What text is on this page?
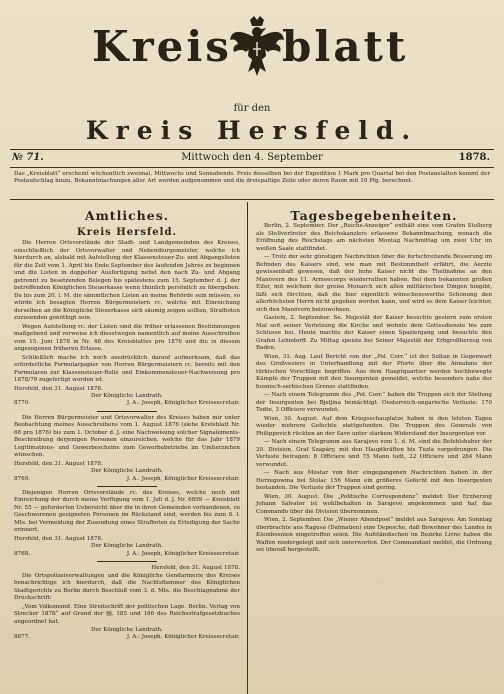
Kreis blatt
für den
Kreis Hersfeld.
№ 71.	Mittwoch den 4. September	1878.
Das „Kreisblatt“ erscheint wöchentlich zweimal, Mittwochs und Sonnabends. Preis desselben bei der Expedition 1 Mark pro Quartal bei den Postanstalten kommt der Postaufschlag hinzu. Bekanntmachungen aller Art werden aufgenommen und die dreispaltige Zeile oder deren Raum mit 10 Pfg. berechnet.
Amtliches.
Kreis Hersfeld.

Die Herren Ortsvorstände der Stadt- und Landgemeinden des Kreises, einschließlich der Ortsvorwalter und Nebendiurgemeister, welche ich hierdurch an, alsbald mit Aufstellung der Klassensteuer-Zu- und Abgangslisten für die Zeit vom 1. April bis Ende September des laufenden Jahres zu beginnen und die Listen in doppelter Ausfertigung nebst den nach Zu- und Abgang getrennt zu besetzenden Belegen bis spätestens zum 15. September d. J. der betreffenden Königlichen Steuerkasse wenn thunlich persönlich zu übergeben. Da bis zum 20. l. M. die sämmtlichen Listen an meine Behörde sein müssen, so würde ich besagten Herren Bürgermeistern rc. welche mit Einreichung derselben an die Königliche Steuerkasse sich säumig zeigen sollten, Strafboten zuzusenden genöthigt sein.

Wegen Aufstellung rc. der Listen sind die früher erlassenen Bestimmungen maßgebend und verweise ich diesetwegen namentlich auf meine Ausschreiben vom 15. Juni 1878 in Nr. 48 des Kreisblattes pro 1876 und die in diesem angezogenen früheren Erlasse.

Schließlich mache ich noch ausdrücklich darauf aufmerksam, daß das erforderliche Formularpapier von Herren Bürgermeistern rc. bereits mit den Formularen zur Klassensteuer-Rolle und Einkommensteuer-Nachweisung pro 1878/79 zugefertigt worden ist.

Hersfeld, den 31. August 1878.
Der Königliche Landrath.
8770.	J. A.: Joseph, Königlicher Kreissecretair.

Die Herren Bürgermeister und Ortsvorwalter des Kreises haben mir unter Beobachtung meines Ausschreibens vom 1. August 1876 (siehe Kreisblatt Nr. 68 pro 1876) bis zum 1. October d. J. eine Nachweisung solcher Signalements-Beschreibung derjenigen Personen einzureichen, welche für das Jahr 1879 Legitimations- und Gewerbescheine zum Gewerbebetriebe im Umherziehen wünschen.

Hersfeld, den 31. August 1878.
Der Königliche Landrath.
8769.	J. A.: Joseph, Königlicher Kreissecretair.

Diejenigen Herren Ortsvorstände rc. des Kreises, welche noch mit Einreichung der durch meine Verfügung vom 1. Juli d. J. Nr. 6899 — Kreisblatt Nr. 55 — geforderten Uebersicht über die in ihren Gemeinden vorhandenen, zu Geschworenen geeigneten Personen im Rückstand sind, werden bis zum 8. l. Mts. bei Vermeidung der Zusendung eines Strafboten zu Erledigung der Sache erinnert.

Hersfeld, den 31. August 1878.
Der Königliche Landrath.
8768.	J. A.: Joseph, Königlicher Kreissecretair.
Hersfeld, den 31. August 1878.

Die Ortspolizeiverwaltungen und die Königliche Gendarmerie des Kreises benachrichtige ich hierdurch, daß die Nachtsflammer des Königlichen Stadtgerichts zu Berlin durch Beschluß vom 3. d. Mts. die Beschlagnahme der Druckschrift:

„Vom Volksmund. Eine Streitschrift der politischen Lage. Berlin. Verlag von Strecker 1878“ auf Grund der §§. 185 und 186 des Reichsstrafgesetzbuches angeordnet hat.

Der Königliche Landrath.
8877.	J. A.: Joseph, Königlicher Kreissecretair.
Tagesbegebenheiten.

Berlin, 2. September. Der „Reichs-Anzeiger“ enthält eine vom Grafen Stolberg als Stellvertreter des Reichskanzlers erlassene Bekanntmachung, wonach die Eröffnung des Reichstags am nächsten Montag Nachmittag um zwei Uhr im weißen Saale stattfindet.

— Trotz der sehr günstigen Nachrichten über die fortschreitende Besserung im Befinden des Kaisers sind, wie man mit Bestimmtheit erfährt, die Aerzte gewissenhaft gewesen, daß der hohe Kaiser nicht die Theilnahme an den Manövern des 11. Armeecorps wiederrathen haben. Bei dem bekannten großen Eifer, mit welchem der greise Monarch sich allen militärischen Dingen hingibt, läßt sich fürchten, daß die hier eigentlich wünschenswerthe Schonung den allerhöchsten Herrn nicht gegeben werden kann, und wird es dem Kaiser leichter, sich den Manövern beizuwohnen.

Gastein, 2. September. Se. Majestät der Kaiser besuchte gestern zum ersten Mal seit seiner Verletzung die Kirche und wohnte dem Gottesdienste bis zum Schlusse bei. Heute machte der Kaiser einen Spaziergang und besuchte den Grafen Lehndorff. Zu Mittag speiste bei Seiner Majestät der Erbgroßherzog von Baden.

Wien, 31. Aug. Laut Bericht von der „Pol. Corr.“ ist der Sultan in Gegenwart des Großveziers in Unterhandlung mit der Pforte über die Annahme der türkischen Vorschläge begriffen. Aus dem Hauptquartier werden hochbewegte Kämpfe der Truppen mit den Insurgenten gemeldet, welche besonders nahe der bosnisch-serbischen Grenze stattfinden.

— Nach einem Telegramm des „Pol. Corr.“ haben die Truppen sich der Stellung der Insurgenten bei Bjeljina bemächtigt. Oesterreich-ungarische Verluste: 170 Todte, 3 Officiere verwundet.

Wien, 30. August. Auf dem Kriegsschauplatze haben in den letzten Tagen wieder mehrere Gefechte stattgefunden. Die Truppen des Generals von Philippovich rückten an der Save unter starkem Widerstand der Insurgenten vor.

— Nach einem Telegramm aus Sarajevo vom 1. d. M. sind die Befehlshaber der 20. Division, Graf Szapáry, mit den Hauptkräften bis Tuzla vorgedrungen. Die Verluste betragen: 8 Officiere und 75 Mann todt, 22 Officiere und 284 Mann verwundet.

— Nach aus Mostar von hier eingegangenen Nachrichten haben in der Herzegowina bei Stolac 156 Mann ein größeres Gefecht mit den Insurgenten bestanden. Die Verluste der Truppen sind gering.

Wien, 30. August. Die „Politische Correspondenz“ meldet: Der Erzherzog Johann Salvator ist wohlbehalten in Sarajevo angekommen und hat das Commando über die Division übernommen.

Wien, 2. September. Die „Wiener Abendpost“ meldet aus Sarajevo: Am Sonntag überbrachte aus Ragusa (Dalmatien) eine Depesche, daß Bewohner des Landes in Kleinbosnien eingetroffen seien. Die Aufständischen im Bezirke Livno haben die Waffen niedergelegt und sich unterworfen. Der Commandant meldet, die Ordnung sei überall hergestellt.
